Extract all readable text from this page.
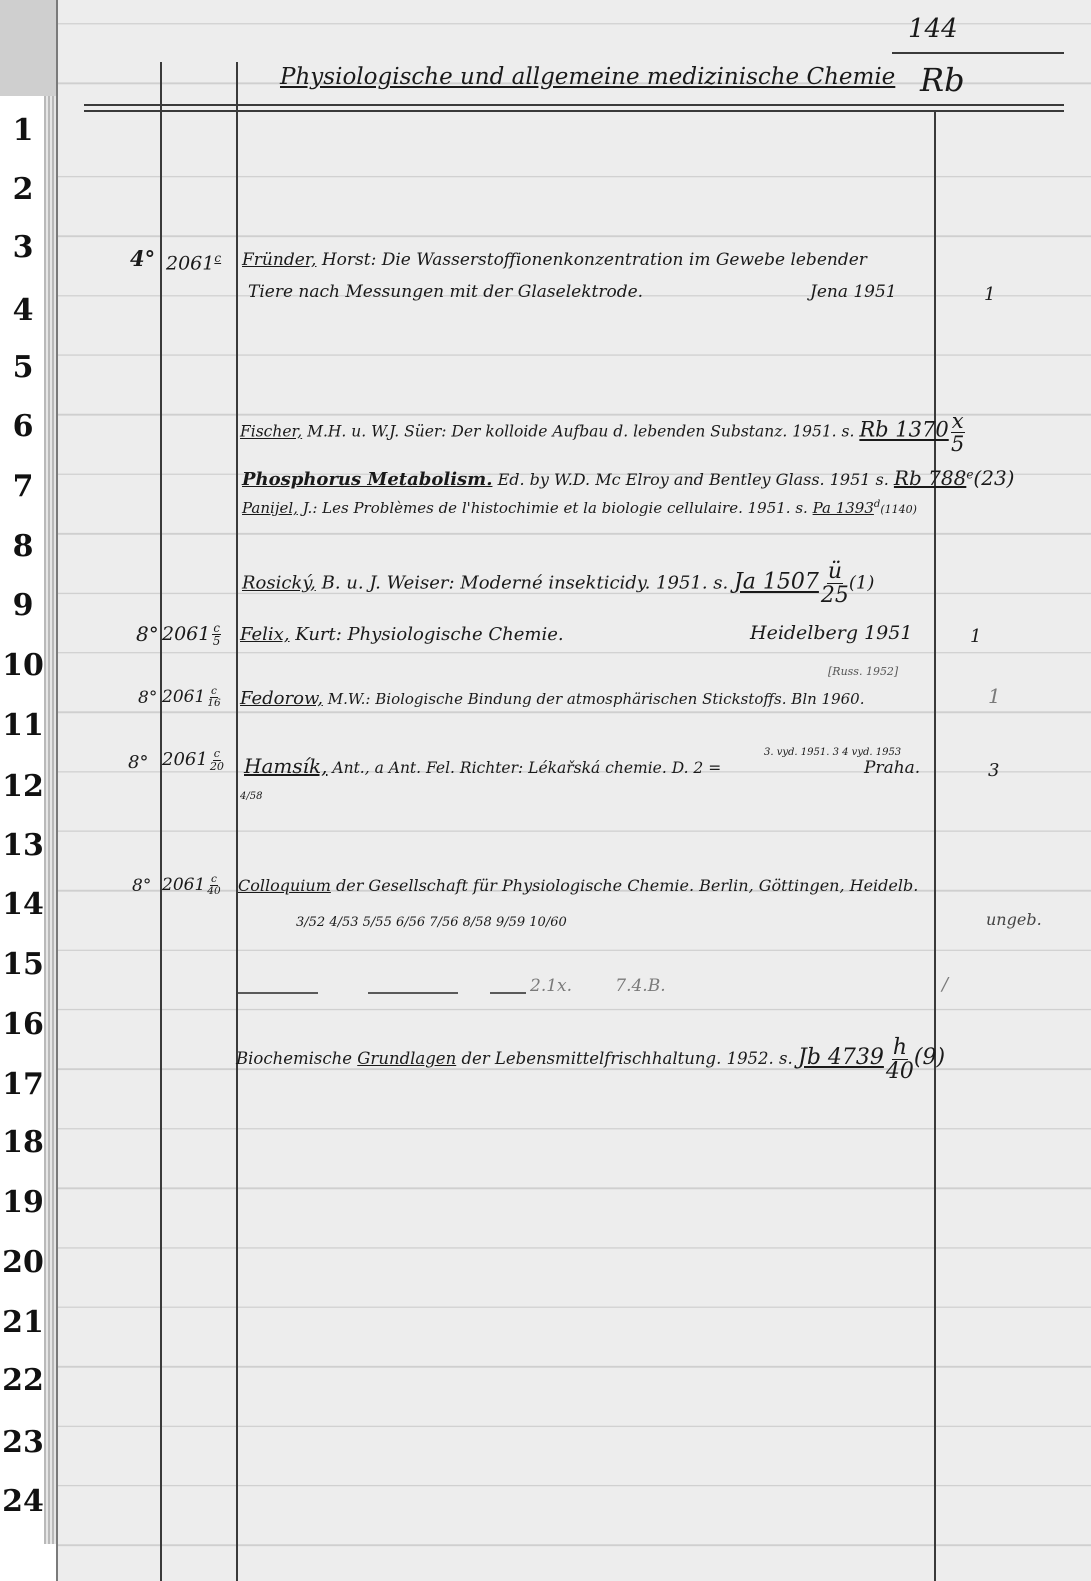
1
2
3
4
5
6
7
8
9
10
11
12
13
14
15
16
17
18
19
20
21
22
23
24
Physiologische und allgemeine medizinische Chemie
144
Rb
4° 2061$^c$ Fründer, Horst: Die Wasserstoffionenkonzentration im Gewebe lebender
Tiere nach Messungen mit der Glaselektrode.	Jena 1951	1
Fischer, M.H. u. W.J. Süer: Der kolloide Aufbau d. lebenden Substanz. 1951. s. Rb $1370 \frac{x}{5}$
Phosphorus Metabolism. Ed. by W.D. Mc Elroy and Bentley Glass. 1951 s. Rb 788e(23)
Panijel, J.: Les Problèmes de l'histochimie et la biologie cellulaire. 1951. s. Pa 1393$^d$(1140)
Rosický, B. u. J. Weiser: Moderné insekticidy. 1951. s. Ja $1507 \frac{ü}{25} (1)$
8° $2061 \frac{c}{5}$ Felix, Kurt: Physiologische Chemie.	Heidelberg 1951	1
[Russ. 1952]
8° $2061 \frac{c}{16}$ Fedorow, M.W.: Biologische Bindung der atmosphärischen Stickstoffs. Bln 1960.	1
8° $2061 \frac{c}{20}$ Hamsík, Ant., a Ant. Fel. Richter: Lékařská chemie. D. 2 =
3. vyd. 1951. 3 4 vyd. 1953
Praha.	3
4/58
8° $2061 \frac{c}{40}$ Colloquium der Gesellschaft für Physiologische Chemie. Berlin, Göttingen, Heidelb.
3/52 4/53 5/55 6/56 7/56 8/58 9/59 10/60	ungeb.
2.1x.        7.4.B.	/
Biochemische Grundlagen der Lebensmittelfrischhaltung. 1952. s. Jb $4739 \frac{h}{40} (9)$
